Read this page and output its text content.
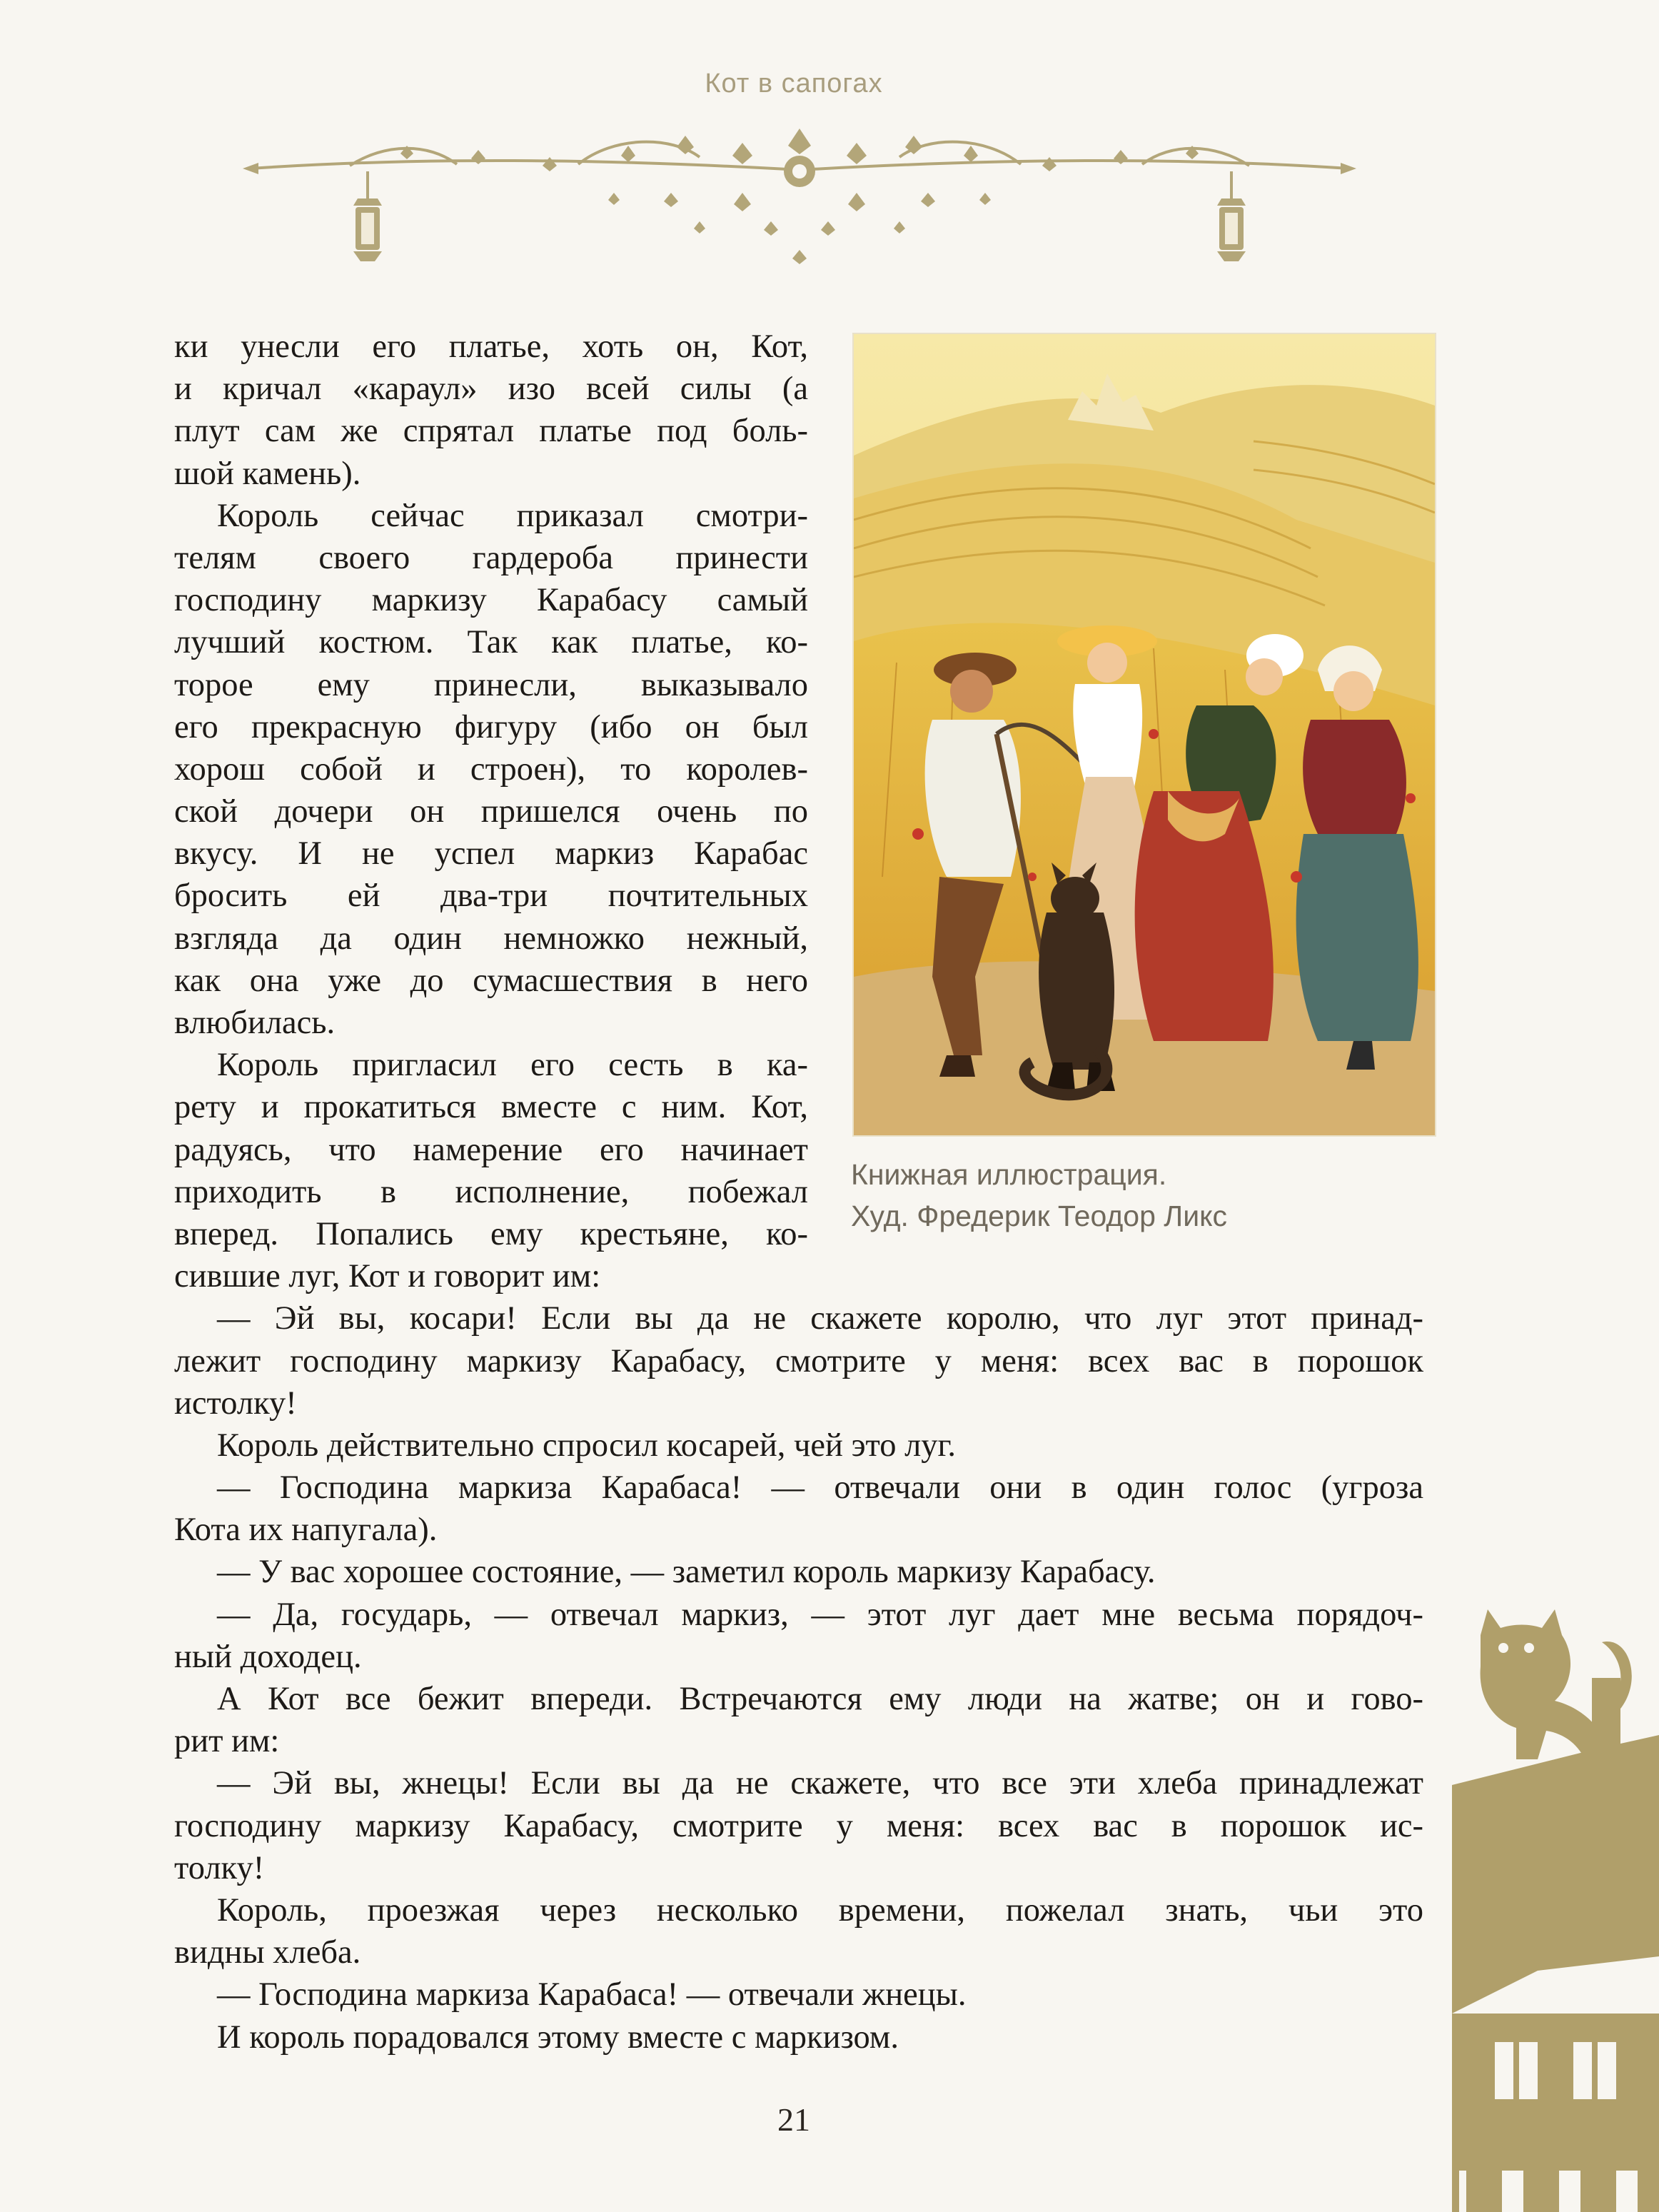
Кот в сапогах
Книжная иллюстрация.
Худ. Фредерик Теодор Ликс
ки унесли его платье, хоть он, Кот,
и кричал «караул» изо всей силы (а
плут сам же спрятал платье под боль-
шой камень).
Король сейчас приказал смотри-
телям своего гардероба принести
господину маркизу Карабасу самый
лучший костюм. Так как платье, ко-
торое ему принесли, выказывало
его прекрасную фигуру (ибо он был
хорош собой и строен), то королев-
ской дочери он пришелся очень по
вкусу. И не успел маркиз Карабас
бросить ей два-три почтительных
взгляда да один немножко нежный,
как она уже до сумасшествия в него
влюбилась.
Король пригласил его сесть в ка-
рету и прокатиться вместе с ним. Кот,
радуясь, что намерение его начинает
приходить в исполнение, побежал
вперед. Попались ему крестьяне, ко-
сившие луг, Кот и говорит им:
— Эй вы, косари! Если вы да не скажете королю, что луг этот принад-
лежит господину маркизу Карабасу, смотрите у меня: всех вас в порошок
истолку!
Король действительно спросил косарей, чей это луг.
— Господина маркиза Карабаса! — отвечали они в один голос (угроза
Кота их напугала).
— У вас хорошее состояние, — заметил король маркизу Карабасу.
— Да, государь, — отвечал маркиз, — этот луг дает мне весьма порядоч-
ный доходец.
А Кот все бежит впереди. Встречаются ему люди на жатве; он и гово-
рит им:
— Эй вы, жнецы! Если вы да не скажете, что все эти хлеба принадлежат
господину маркизу Карабасу, смотрите у меня: всех вас в порошок ис-
толку!
Король, проезжая через несколько времени, пожелал знать, чьи это
видны хлеба.
— Господина маркиза Карабаса! — отвечали жнецы.
И король порадовался этому вместе с маркизом.
21
